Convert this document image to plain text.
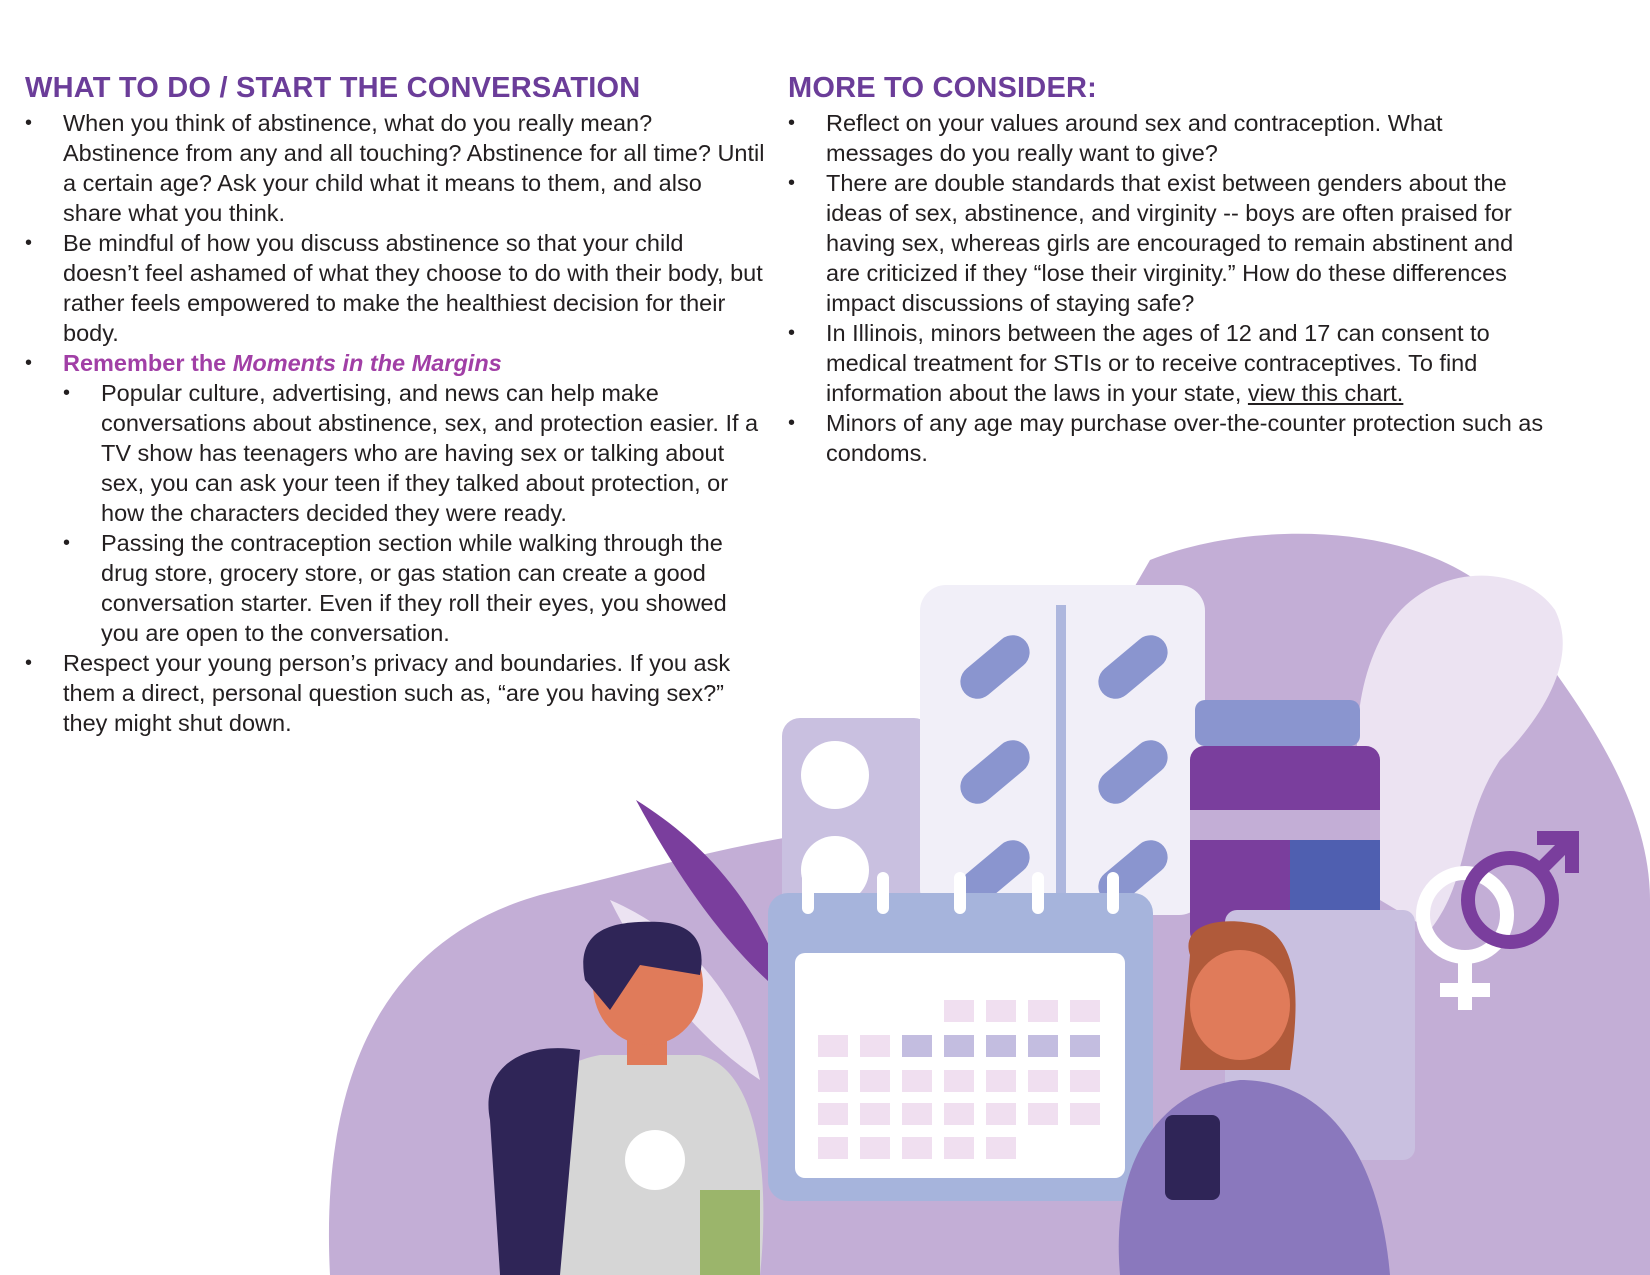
WHAT TO DO / START THE CONVERSATION
• When you think of abstinence, what do you really mean? Abstinence from any and all touching? Abstinence for all time? Until a certain age? Ask your child what it means to them, and also share what you think.
• Be mindful of how you discuss abstinence so that your child doesn’t feel ashamed of what they choose to do with their body, but rather feels empowered to make the healthiest decision for their body.
• Remember the Moments in the Margins
• Popular culture, advertising, and news can help make conversations about abstinence, sex, and protection easier. If a TV show has teenagers who are having sex or talking about sex, you can ask your teen if they talked about protection, or how the characters decided they were ready.
• Passing the contraception section while walking through the drug store, grocery store, or gas station can create a good conversation starter. Even if they roll their eyes, you showed you are open to the conversation.
• Respect your young person’s privacy and boundaries. If you ask them a direct, personal question such as, “are you having sex?” they might shut down.
MORE TO CONSIDER:
• Reflect on your values around sex and contraception. What messages do you really want to give?
• There are double standards that exist between genders about the ideas of sex, abstinence, and virginity -- boys are often praised for having sex, whereas girls are encouraged to remain abstinent and are criticized if they “lose their virginity.” How do these differences impact discussions of staying safe?
• In Illinois, minors between the ages of 12 and 17 can consent to medical treatment for STIs or to receive contraceptives. To find information about the laws in your state, view this chart.
• Minors of any age may purchase over-the-counter protection such as condoms.
